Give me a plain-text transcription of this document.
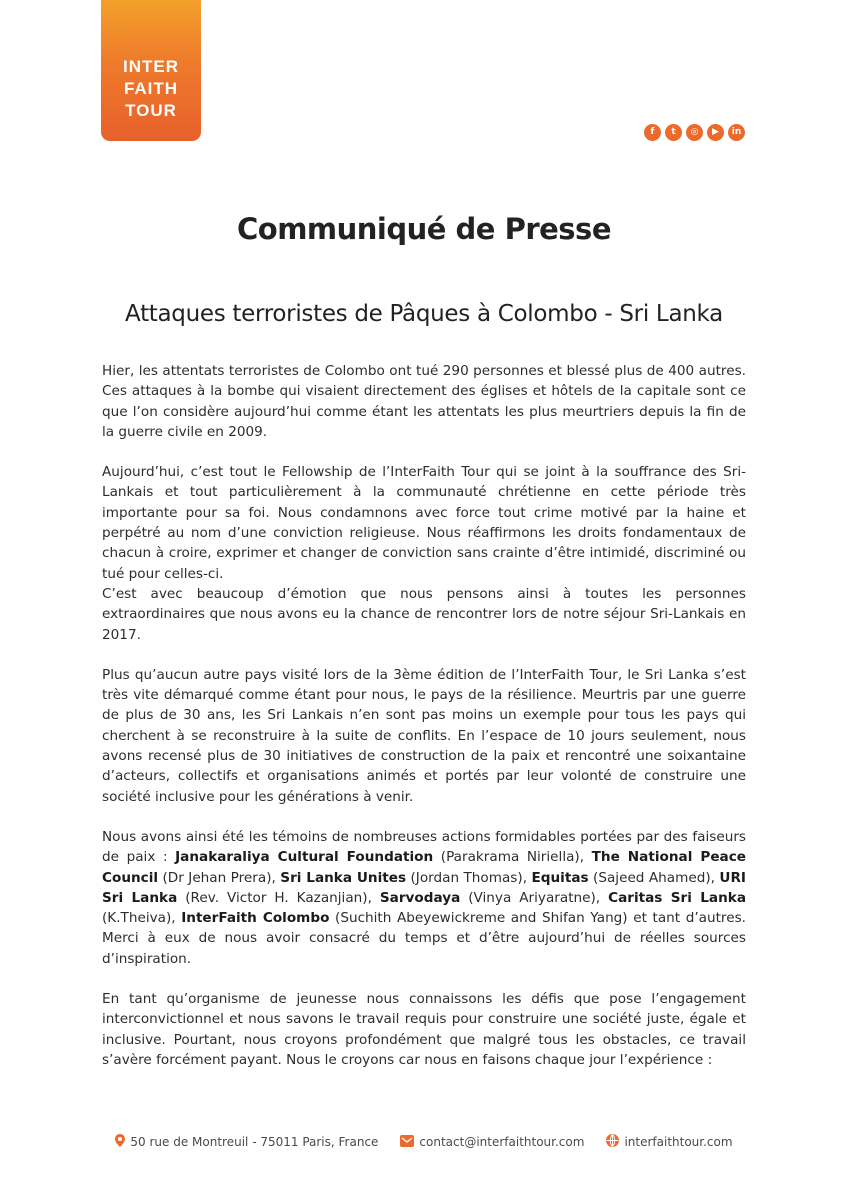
INTER
FAITH
TOUR
f	t	◎	▶	in
Communiqué de Presse
Attaques terroristes de Pâques à Colombo - Sri Lanka

Hier, les attentats terroristes de Colombo ont tué 290 personnes et blessé plus de 400 autres. Ces attaques à la bombe qui visaient directement des églises et hôtels de la capitale sont ce que l’on considère aujourd’hui comme étant les attentats les plus meurtriers depuis la fin de la guerre civile en 2009.

Aujourd’hui, c’est tout le Fellowship de l’InterFaith Tour qui se joint à la souffrance des Sri-Lankais et tout particulièrement à la communauté chrétienne en cette période très importante pour sa foi. Nous condamnons avec force tout crime motivé par la haine et perpétré au nom d’une conviction religieuse. Nous réaffirmons les droits fondamentaux de chacun à croire, exprimer et changer de conviction sans crainte d’être intimidé, discriminé ou tué pour celles-ci.

C’est avec beaucoup d’émotion que nous pensons ainsi à toutes les personnes extraordinaires que nous avons eu la chance de rencontrer lors de notre séjour Sri-Lankais en 2017.

Plus qu’aucun autre pays visité lors de la 3ème édition de l’InterFaith Tour, le Sri Lanka s’est très vite démarqué comme étant pour nous, le pays de la résilience. Meurtris par une guerre de plus de 30 ans, les Sri Lankais n’en sont pas moins un exemple pour tous les pays qui cherchent à se reconstruire à la suite de conflits. En l’espace de 10 jours seulement, nous avons recensé plus de 30 initiatives de construction de la paix et rencontré une soixantaine d’acteurs, collectifs et organisations animés et portés par leur volonté de construire une société inclusive pour les générations à venir.

Nous avons ainsi été les témoins de nombreuses actions formidables portées par des faiseurs de paix : Janakaraliya Cultural Foundation (Parakrama Niriella), The National Peace Council (Dr Jehan Prera), Sri Lanka Unites (Jordan Thomas), Equitas (Sajeed Ahamed), URI Sri Lanka (Rev. Victor H. Kazanjian), Sarvodaya (Vinya Ariyaratne), Caritas Sri Lanka (K.Theiva), InterFaith Colombo (Suchith Abeyewickreme and Shifan Yang) et tant d’autres. Merci à eux de nous avoir consacré du temps et d’être aujourd’hui de réelles sources d’inspiration.

En tant qu’organisme de jeunesse nous connaissons les défis que pose l’engagement interconvictionnel et nous savons le travail requis pour construire une société juste, égale et inclusive. Pourtant, nous croyons profondément que malgré tous les obstacles, ce travail s’avère forcément payant. Nous le croyons car nous en faisons chaque jour l’expérience :

50 rue de Montreuil - 75011 Paris, France	contact@interfaithtour.com	interfaithtour.com
